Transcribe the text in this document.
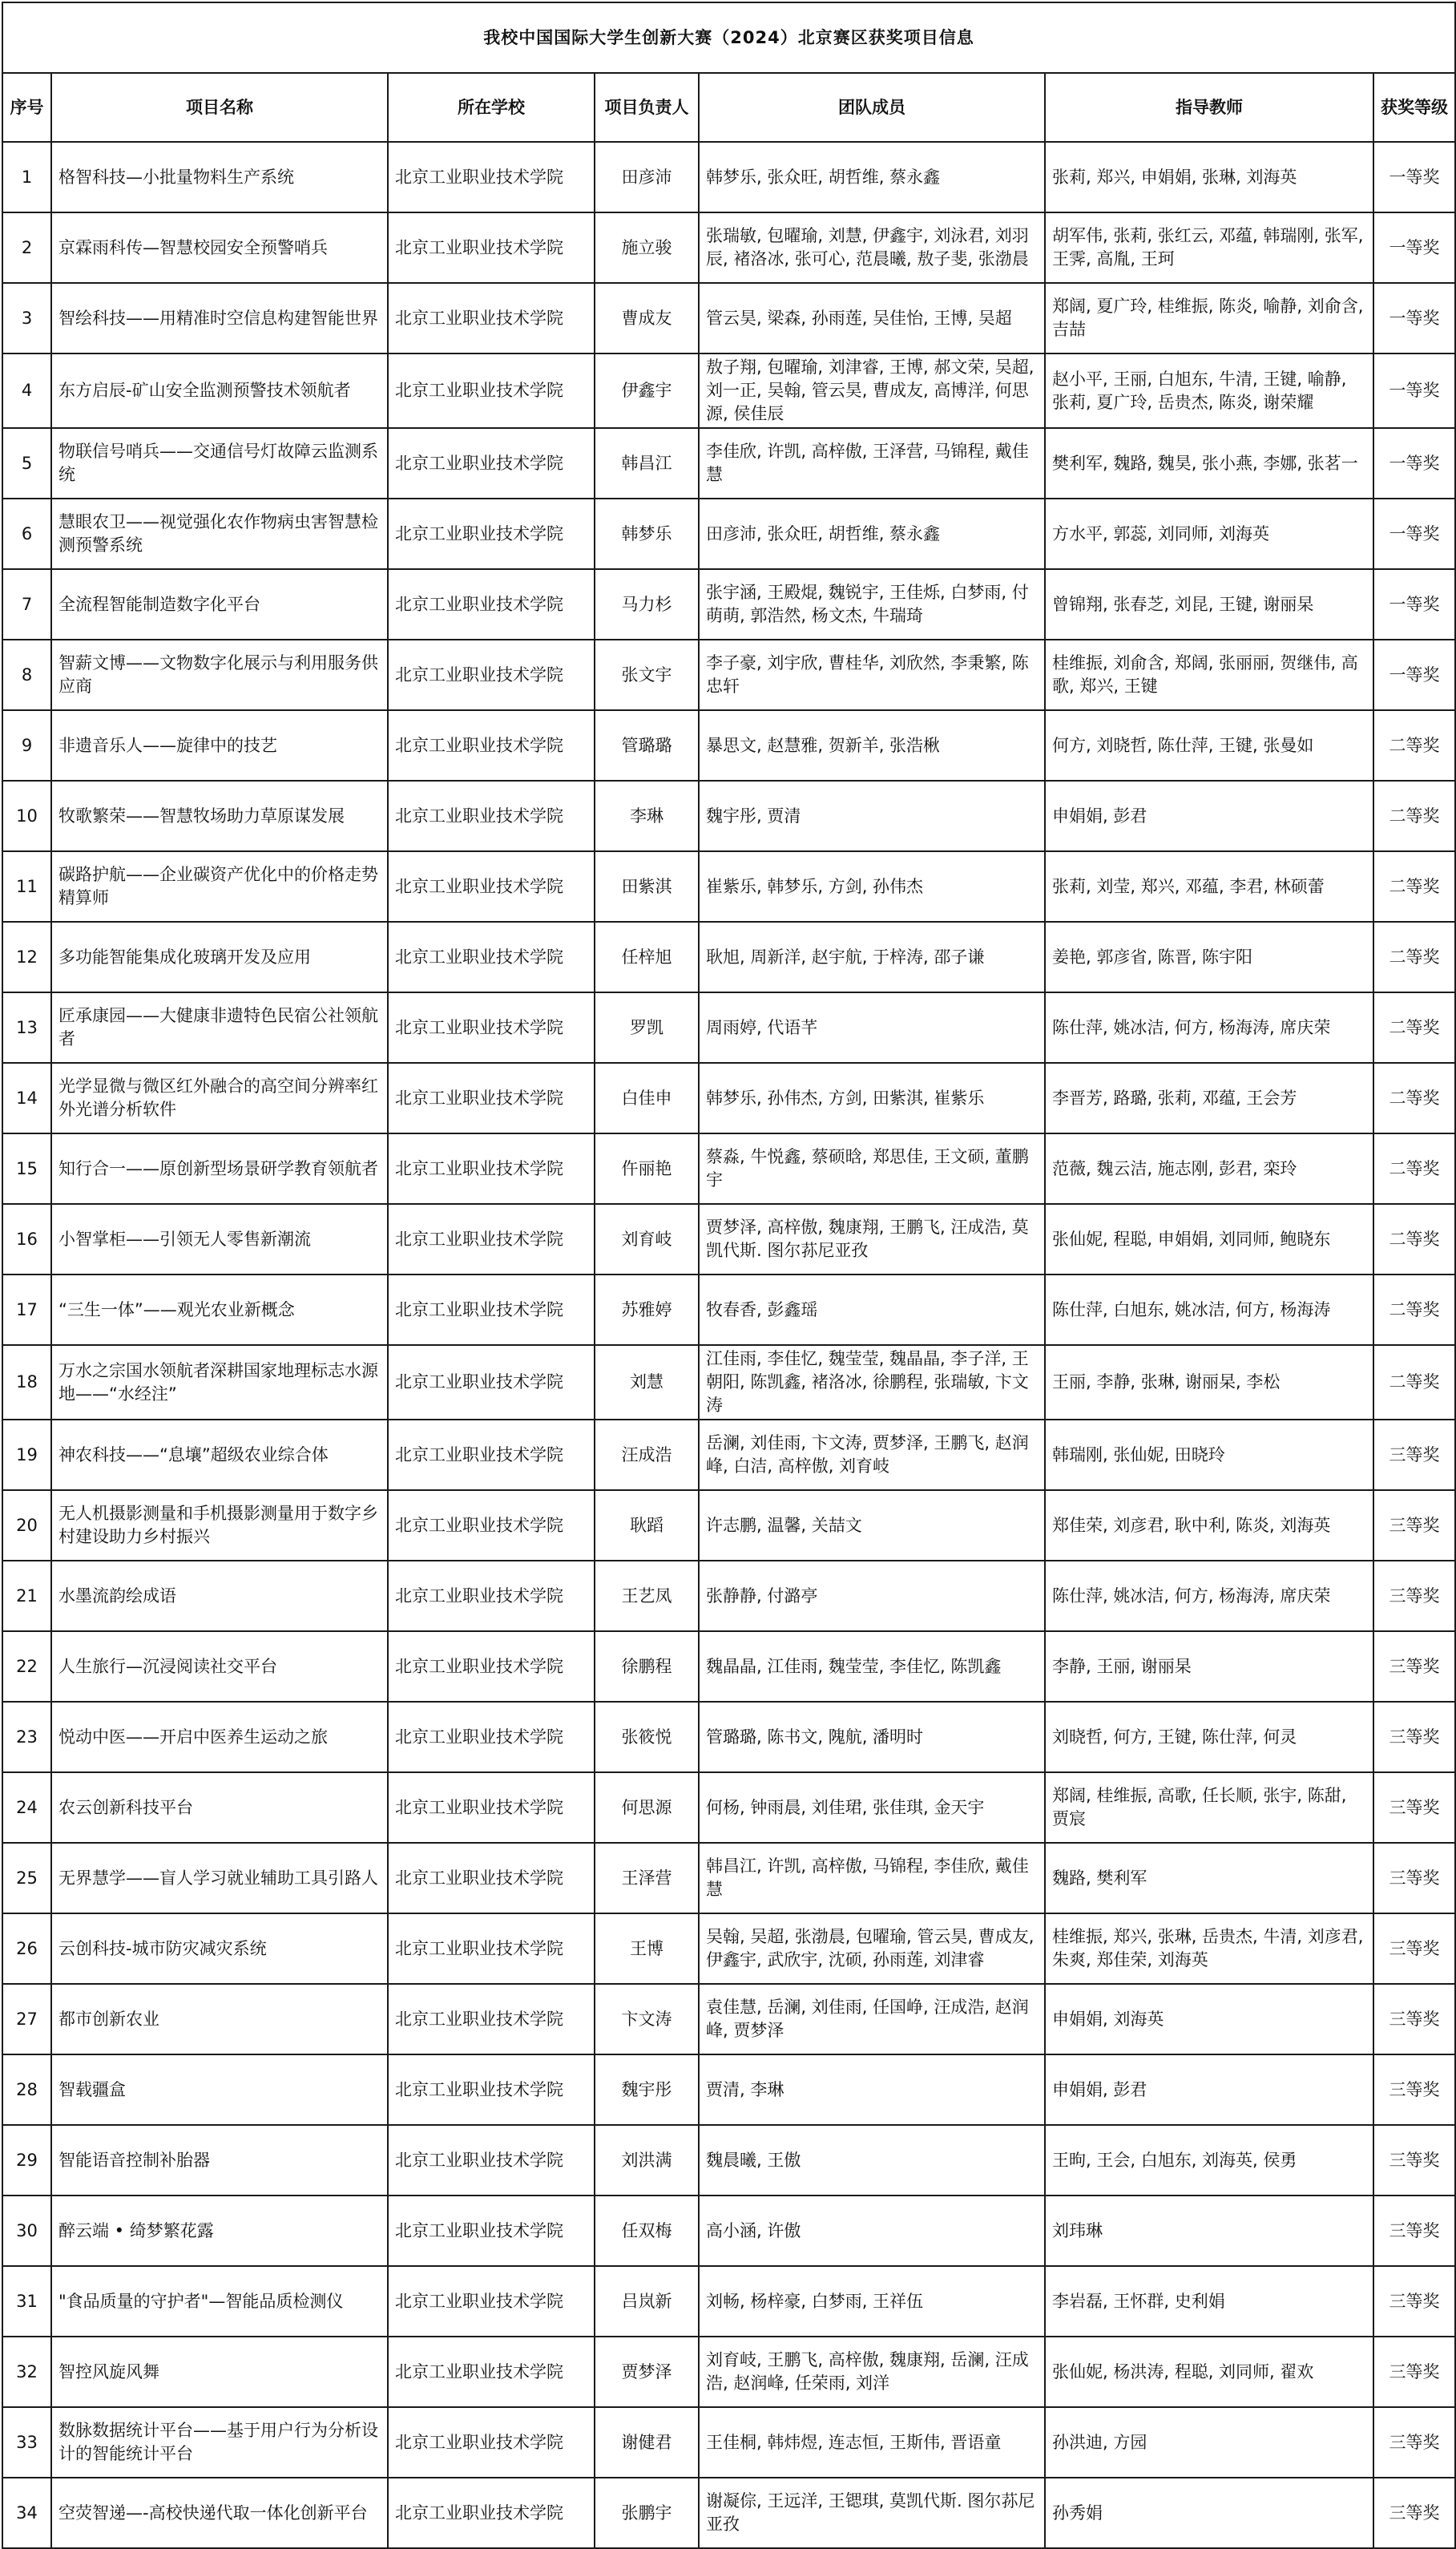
我校中国国际大学生创新大赛（2024）北京赛区获奖项目信息						
序号	项目名称	所在学校	项目负责人	团队成员	指导教师	获奖等级
1	格智科技—小批量物料生产系统	北京工业职业技术学院	田彦沛	韩梦乐, 张众旺, 胡哲维, 蔡永鑫	张莉, 郑兴, 申娟娟, 张琳, 刘海英	一等奖
2	京霖雨科传—智慧校园安全预警哨兵	北京工业职业技术学院	施立骏	张瑞敏, 包曜瑜, 刘慧, 伊鑫宇, 刘泳君, 刘羽辰, 褚洛冰, 张可心, 范晨曦, 敖子斐, 张渤晨	胡军伟, 张莉, 张红云, 邓蕴, 韩瑞刚, 张军, 王霁, 高胤, 王珂	一等奖
3	智绘科技——用精准时空信息构建智能世界	北京工业职业技术学院	曹成友	管云昊, 梁森, 孙雨莲, 吴佳怡, 王博, 吴超	郑阔, 夏广玲, 桂维振, 陈炎, 喻静, 刘俞含, 吉喆	一等奖
4	东方启辰-矿山安全监测预警技术领航者	北京工业职业技术学院	伊鑫宇	敖子翔, 包曜瑜, 刘津睿, 王博, 郝文荣, 吴超, 刘一正, 吴翰, 管云昊, 曹成友, 高博洋, 何思源, 侯佳辰	赵小平, 王丽, 白旭东, 牛清, 王键, 喻静, 张莉, 夏广玲, 岳贵杰, 陈炎, 谢荣耀	一等奖
5	物联信号哨兵——交通信号灯故障云监测系统	北京工业职业技术学院	韩昌江	李佳欣, 许凯, 高梓傲, 王泽营, 马锦程, 戴佳慧	樊利军, 魏路, 魏昊, 张小燕, 李娜, 张茗一	一等奖
6	慧眼农卫——视觉强化农作物病虫害智慧检测预警系统	北京工业职业技术学院	韩梦乐	田彦沛, 张众旺, 胡哲维, 蔡永鑫	方水平, 郭蕊, 刘同师, 刘海英	一等奖
7	全流程智能制造数字化平台	北京工业职业技术学院	马力杉	张宇涵, 王殿焜, 魏锐宇, 王佳烁, 白梦雨, 付萌萌, 郭浩然, 杨文杰, 牛瑞琦	曾锦翔, 张春芝, 刘昆, 王键, 谢丽杲	一等奖
8	智薪文博——文物数字化展示与利用服务供应商	北京工业职业技术学院	张文宇	李子豪, 刘宇欣, 曹桂华, 刘欣然, 李秉繁, 陈忠轩	桂维振, 刘俞含, 郑阔, 张丽丽, 贺继伟, 高歌, 郑兴, 王键	一等奖
9	非遗音乐人——旋律中的技艺	北京工业职业技术学院	管璐璐	暴思文, 赵慧雅, 贺新羊, 张浩楸	何方, 刘晓哲, 陈仕萍, 王键, 张曼如	二等奖
10	牧歌繁荣——智慧牧场助力草原谋发展	北京工业职业技术学院	李琳	魏宇彤, 贾清	申娟娟, 彭君	二等奖
11	碳路护航——企业碳资产优化中的价格走势精算师	北京工业职业技术学院	田紫淇	崔紫乐, 韩梦乐, 方剑, 孙伟杰	张莉, 刘莹, 郑兴, 邓蕴, 李君, 林硕蕾	二等奖
12	多功能智能集成化玻璃开发及应用	北京工业职业技术学院	任梓旭	耿旭, 周新洋, 赵宇航, 于梓涛, 邵子谦	姜艳, 郭彦省, 陈晋, 陈宇阳	二等奖
13	匠承康园——大健康非遗特色民宿公社领航者	北京工业职业技术学院	罗凯	周雨婷, 代语芊	陈仕萍, 姚冰洁, 何方, 杨海涛, 席庆荣	二等奖
14	光学显微与微区红外融合的高空间分辨率红外光谱分析软件	北京工业职业技术学院	白佳申	韩梦乐, 孙伟杰, 方剑, 田紫淇, 崔紫乐	李晋芳, 路璐, 张莉, 邓蕴, 王会芳	二等奖
15	知行合一——原创新型场景研学教育领航者	北京工业职业技术学院	仵丽艳	蔡淼, 牛悦鑫, 蔡硕晗, 郑思佳, 王文硕, 董鹏宇	范薇, 魏云洁, 施志刚, 彭君, 栾玲	二等奖
16	小智掌柜——引领无人零售新潮流	北京工业职业技术学院	刘育岐	贾梦泽, 高梓傲, 魏康翔, 王鹏飞, 汪成浩, 莫凯代斯. 图尔荪尼亚孜	张仙妮, 程聪, 申娟娟, 刘同师, 鲍晓东	二等奖
17	“三生一体”——观光农业新概念	北京工业职业技术学院	苏雅婷	牧春香, 彭鑫瑶	陈仕萍, 白旭东, 姚冰洁, 何方, 杨海涛	二等奖
18	万水之宗国水领航者深耕国家地理标志水源地——“水经注”	北京工业职业技术学院	刘慧	江佳雨, 李佳忆, 魏莹莹, 魏晶晶, 李子洋, 王朝阳, 陈凯鑫, 褚洛冰, 徐鹏程, 张瑞敏, 卞文涛	王丽, 李静, 张琳, 谢丽杲, 李松	二等奖
19	神农科技——“息壤”超级农业综合体	北京工业职业技术学院	汪成浩	岳澜, 刘佳雨, 卞文涛, 贾梦泽, 王鹏飞, 赵润峰, 白洁, 高梓傲, 刘育岐	韩瑞刚, 张仙妮, 田晓玲	三等奖
20	无人机摄影测量和手机摄影测量用于数字乡村建设助力乡村振兴	北京工业职业技术学院	耿蹈	许志鹏, 温馨, 关喆文	郑佳荣, 刘彦君, 耿中利, 陈炎, 刘海英	三等奖
21	水墨流韵绘成语	北京工业职业技术学院	王艺凤	张静静, 付潞亭	陈仕萍, 姚冰洁, 何方, 杨海涛, 席庆荣	三等奖
22	人生旅行—沉浸阅读社交平台	北京工业职业技术学院	徐鹏程	魏晶晶, 江佳雨, 魏莹莹, 李佳忆, 陈凯鑫	李静, 王丽, 谢丽杲	三等奖
23	悦动中医——开启中医养生运动之旅	北京工业职业技术学院	张筱悦	管璐璐, 陈书文, 隗航, 潘明时	刘晓哲, 何方, 王键, 陈仕萍, 何灵	三等奖
24	农云创新科技平台	北京工业职业技术学院	何思源	何杨, 钟雨晨, 刘佳珺, 张佳琪, 金天宇	郑阔, 桂维振, 高歌, 任长顺, 张宇, 陈甜, 贾宸	三等奖
25	无界慧学——盲人学习就业辅助工具引路人	北京工业职业技术学院	王泽营	韩昌江, 许凯, 高梓傲, 马锦程, 李佳欣, 戴佳慧	魏路, 樊利军	三等奖
26	云创科技-城市防灾减灾系统	北京工业职业技术学院	王博	吴翰, 吴超, 张渤晨, 包曜瑜, 管云昊, 曹成友, 伊鑫宇, 武欣宇, 沈硕, 孙雨莲, 刘津睿	桂维振, 郑兴, 张琳, 岳贵杰, 牛清, 刘彦君, 朱爽, 郑佳荣, 刘海英	三等奖
27	都市创新农业	北京工业职业技术学院	卞文涛	袁佳慧, 岳澜, 刘佳雨, 任国峥, 汪成浩, 赵润峰, 贾梦泽	申娟娟, 刘海英	三等奖
28	智载疆盒	北京工业职业技术学院	魏宇彤	贾清, 李琳	申娟娟, 彭君	三等奖
29	智能语音控制补胎器	北京工业职业技术学院	刘洪满	魏晨曦, 王傲	王昫, 王会, 白旭东, 刘海英, 侯勇	三等奖
30	醉云端 • 绮梦繁花露	北京工业职业技术学院	任双梅	高小涵, 许傲	刘玮琳	三等奖
31	"食品质量的守护者"—智能品质检测仪	北京工业职业技术学院	吕岚新	刘畅, 杨梓豪, 白梦雨, 王祥伍	李岩磊, 王怀群, 史利娟	三等奖
32	智控风旋风舞	北京工业职业技术学院	贾梦泽	刘育岐, 王鹏飞, 高梓傲, 魏康翔, 岳澜, 汪成浩, 赵润峰, 任荣雨, 刘洋	张仙妮, 杨洪涛, 程聪, 刘同师, 翟欢	三等奖
33	数脉数据统计平台——基于用户行为分析设计的智能统计平台	北京工业职业技术学院	谢健君	王佳桐, 韩炜煜, 连志恒, 王斯伟, 晋语童	孙洪迪, 方园	三等奖
34	空荧智递—-高校快递代取一体化创新平台	北京工业职业技术学院	张鹏宇	谢凝倧, 王远洋, 王锶琪, 莫凯代斯. 图尔荪尼亚孜	孙秀娟	三等奖
